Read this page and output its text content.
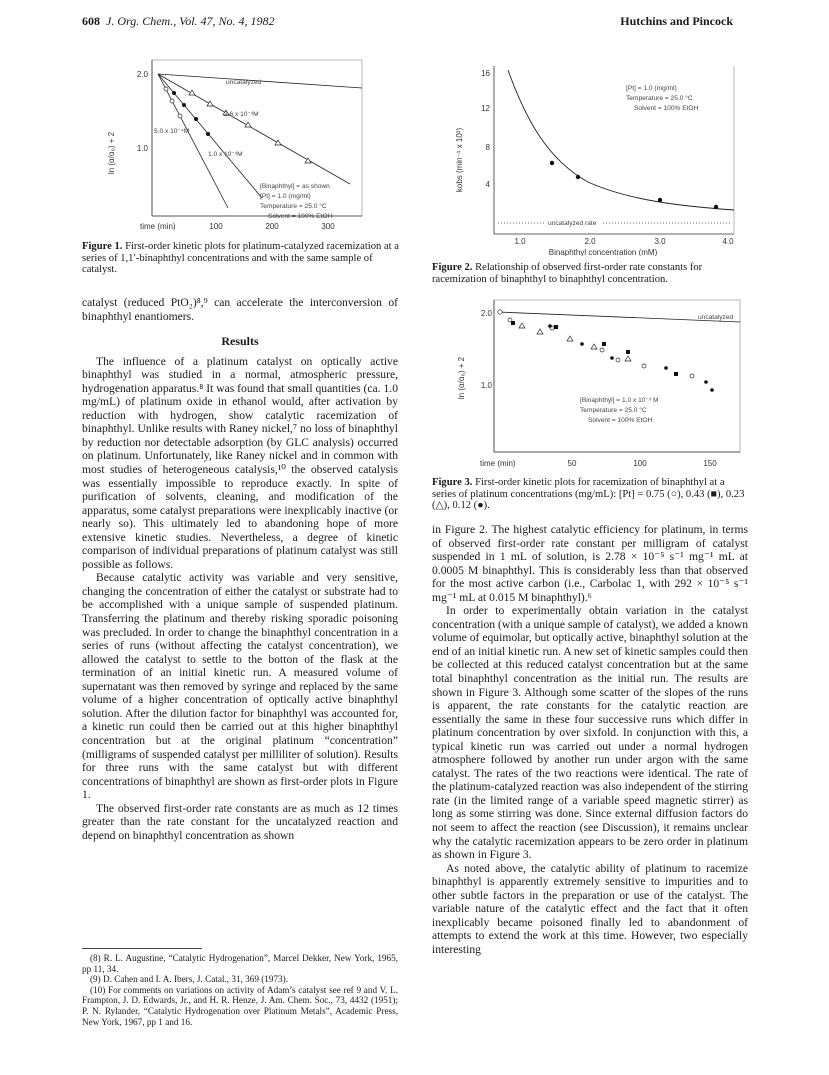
608 J. Org. Chem., Vol. 47, No. 4, 1982	Hutchins and Pincock
2.0
1.0
ln (α/α₀) + 2
time (min)	100	200	300
uncatalyzed
2.6 x 10⁻³M
5.0 x 10⁻⁴M
1.0 x 10⁻³M
[Binaphthyl] = as shown
[Pt] = 1.0 (mg/ml)
Temperature = 25.0 °C
Solvent = 100% EtOH
Figure 1. First-order kinetic plots for platinum-catalyzed racemization at a series of 1,1′-binaphthyl concentrations and with the same sample of catalyst.
16
12
8
4
kobs (min⁻¹ x 10³)
1.0	2.0	3.0	4.0
Binaphthyl concentration (mM)
uncatalyzed rate
[Pt] = 1.0 (mg/ml)
Temperature = 25.0 °C
Solvent = 100% EtOH
Figure 2. Relationship of observed first-order rate constants for racemization of binaphthyl to binaphthyl concentration.
2.0
1.0
ln (α/α₀) + 2
time (min)	50	100	150
uncatalyzed
[Binaphthyl] = 1.0 x 10⁻³ M
Temperature = 25.0 °C
Solvent = 100% EtOH
Figure 3. First-order kinetic plots for racemization of binaphthyl at a series of platinum concentrations (mg/mL): [Pt] = 0.75 (○), 0.43 (■), 0.23 (△), 0.12 (●).

catalyst (reduced PtO₂)⁸,⁹ can accelerate the interconversion of binaphthyl enantiomers.

Results

The influence of a platinum catalyst on optically active binaphthyl was studied in a normal, atmospheric pressure, hydrogenation apparatus.⁸ It was found that small quantities (ca. 1.0 mg/mL) of platinum oxide in ethanol would, after activation by reduction with hydrogen, show catalytic racemization of binaphthyl. Unlike results with Raney nickel,⁷ no loss of binaphthyl by reduction nor detectable adsorption (by GLC analysis) occurred on platinum. Unfortunately, like Raney nickel and in common with most studies of heterogeneous catalysis,¹⁰ the observed catalysis was essentially impossible to reproduce exactly. In spite of purification of solvents, cleaning, and modification of the apparatus, some catalyst preparations were inexplicably inactive (or nearly so). This ultimately led to abandoning hope of more extensive kinetic studies. Nevertheless, a degree of kinetic comparison of individual preparations of platinum catalyst was still possible as follows.

Because catalytic activity was variable and very sensitive, changing the concentration of either the catalyst or substrate had to be accomplished with a unique sample of suspended platinum. Transferring the platinum and thereby risking sporadic poisoning was precluded. In order to change the binaphthyl concentration in a series of runs (without affecting the catalyst concentration), we allowed the catalyst to settle to the botton of the flask at the termination of an initial kinetic run. A measured volume of supernatant was then removed by syringe and replaced by the same volume of a higher concentration of optically active binaphthyl solution. After the dilution factor for binaphthyl was accounted for, a kinetic run could then be carried out at this higher binaphthyl concentration but at the original platinum “concentration” (milligrams of suspended catalyst per milliliter of solution). Results for three runs with the same catalyst but with different concentrations of binaphthyl are shown as first-order plots in Figure 1.

The observed first-order rate constants are as much as 12 times greater than the rate constant for the uncatalyzed reaction and depend on binaphthyl concentration as shown

in Figure 2. The highest catalytic efficiency for platinum, in terms of observed first-order rate constant per milligram of catalyst suspended in 1 mL of solution, is 2.78 × 10⁻⁵ s⁻¹ mg⁻¹ mL at 0.0005 M binaphthyl. This is considerably less than that observed for the most active carbon (i.e., Carbolac 1, with 292 × 10⁻⁵ s⁻¹ mg⁻¹ mL at 0.015 M binaphthyl).⁶

In order to experimentally obtain variation in the catalyst concentration (with a unique sample of catalyst), we added a known volume of equimolar, but optically active, binaphthyl solution at the end of an initial kinetic run. A new set of kinetic samples could then be collected at this reduced catalyst concentration but at the same total binaphthyl concentration as the initial run. The results are shown in Figure 3. Although some scatter of the slopes of the runs is apparent, the rate constants for the catalytic reaction are essentially the same in these four successive runs which differ in platinum concentration by over sixfold. In conjunction with this, a typical kinetic run was carried out under a normal hydrogen atmosphere followed by another run under argon with the same catalyst. The rates of the two reactions were identical. The rate of the platinum-catalyzed reaction was also independent of the stirring rate (in the limited range of a variable speed magnetic stirrer) as long as some stirring was done. Since external diffusion factors do not seem to affect the reaction (see Discussion), it remains unclear why the catalytic racemization appears to be zero order in platinum as shown in Figure 3.

As noted above, the catalytic ability of platinum to racemize binaphthyl is apparently extremely sensitive to impurities and to other subtle factors in the preparation or use of the catalyst. The variable nature of the catalytic effect and the fact that it often inexplicably became poisoned finally led to abandonment of attempts to extend the work at this time. However, two especially interesting

(8) R. L. Augustine, “Catalytic Hydrogenation”, Marcel Dekker, New York, 1965, pp 11, 34.

(9) D. Cahen and I. A. Ibers, J. Catal., 31, 369 (1973).

(10) For comments on variations on activity of Adam’s catalyst see ref 9 and V. L. Frampton, J. D. Edwards, Jr., and H. R. Henze, J. Am. Chem. Soc., 73, 4432 (1951); P. N. Rylander, “Catalytic Hydrogenation over Platinum Metals”, Academic Press, New York, 1967, pp 1 and 16.
